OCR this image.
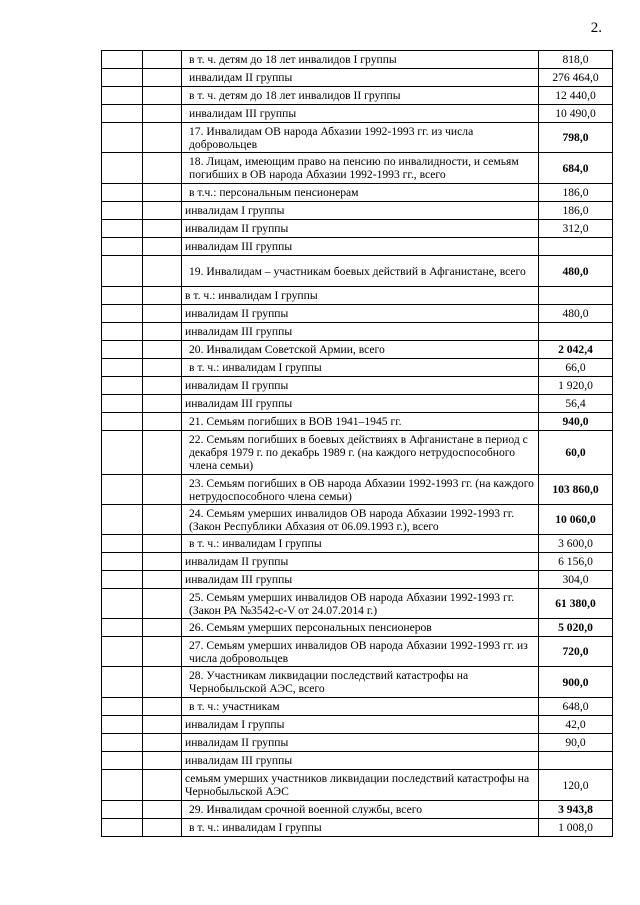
2.
		в т. ч. детям до 18 лет инвалидов I группы	818,0
		инвалидам II группы	276 464,0
		в т. ч. детям до 18 лет инвалидов II группы	12 440,0
		инвалидам III группы	10 490,0
		17. Инвалидам ОВ народа Абхазии 1992-1993 гг. из числа добровольцев	798,0
		18. Лицам, имеющим право на пенсию по инвалидности, и семьям погибших в ОВ народа Абхазии 1992-1993 гг., всего	684,0
		в т.ч.: персональным пенсионерам	186,0
		инвалидам I группы	186,0
		инвалидам II группы	312,0
		инвалидам III группы	
		19. Инвалидам – участникам боевых действий в Афганистане, всего	480,0
		в т. ч.: инвалидам I группы	
		инвалидам II группы	480,0
		инвалидам III группы	
		20. Инвалидам Советской Армии, всего	2 042,4
		в т. ч.: инвалидам I группы	66,0
		инвалидам II группы	1 920,0
		инвалидам III группы	56,4
		21. Семьям погибших в ВОВ 1941–1945 гг.	940,0
		22. Семьям погибших в боевых действиях в Афганистане в период с декабря 1979 г. по декабрь 1989 г. (на каждого нетрудоспособного члена семьи)	60,0
		23. Семьям погибших в ОВ народа Абхазии 1992-1993 гг. (на каждого нетрудоспособного члена семьи)	103 860,0
		24. Семьям умерших инвалидов ОВ народа Абхазии 1992-1993 гг. (Закон Республики Абхазия от 06.09.1993 г.), всего	10 060,0
		в т. ч.: инвалидам I группы	3 600,0
		инвалидам II группы	6 156,0
		инвалидам III группы	304,0
		25. Семьям умерших инвалидов ОВ народа Абхазии 1992-1993 гг. (Закон РА №3542-с-V от 24.07.2014 г.)	61 380,0
		26. Семьям умерших персональных пенсионеров	5 020,0
		27. Семьям умерших инвалидов ОВ народа Абхазии 1992-1993 гг. из числа добровольцев	720,0
		28. Участникам ликвидации последствий катастрофы на Чернобыльской АЭС, всего	900,0
		в т. ч.: участникам	648,0
		инвалидам I группы	42,0
		инвалидам II группы	90,0
		инвалидам III группы	
		семьям умерших участников ликвидации последствий катастрофы на Чернобыльской АЭС	120,0
		29. Инвалидам срочной военной службы, всего	3 943,8
		в т. ч.: инвалидам I группы	1 008,0
